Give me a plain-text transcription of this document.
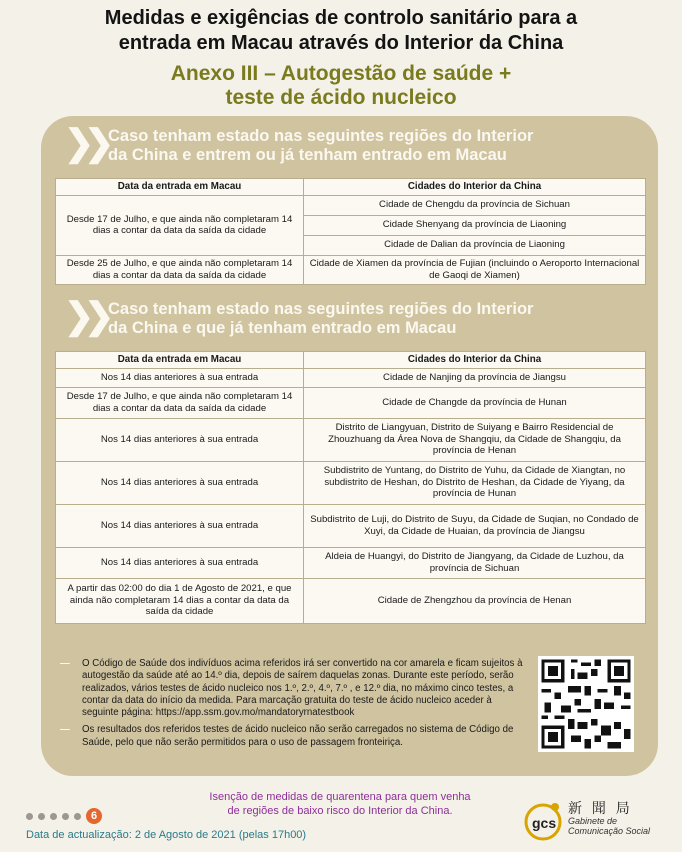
Medidas e exigências de controlo sanitário para a
entrada em Macau através do Interior da China
Anexo III – Autogestão de saúde +
teste de ácido nucleico
❯❯ Caso tenham estado nas seguintes regiões do Interior
da China e entrem ou já tenham entrado em Macau
Data da entrada em Macau	Cidades do Interior da China
Desde 17 de Julho, e que ainda não completaram 14 dias a contar da data da saída da cidade	Cidade de Chengdu da província de Sichuan
	Cidade Shenyang da província de Liaoning
	Cidade de Dalian da província de Liaoning
Desde 25 de Julho, e que ainda não completaram 14 dias a contar da data da saída da cidade	Cidade de Xiamen da província de Fujian (incluindo o Aeroporto Internacional de Gaoqi de Xiamen)
❯❯ Caso tenham estado nas seguintes regiões do Interior
da China e que já tenham entrado em Macau
Data da entrada em Macau	Cidades do Interior da China
Nos 14 dias anteriores à sua entrada	Cidade de Nanjing da província de Jiangsu
Desde 17 de Julho, e que ainda não completaram 14 dias a contar da data da saída da cidade	Cidade de Changde da província de Hunan
Nos 14 dias anteriores à sua entrada	Distrito de Liangyuan, Distrito de Suiyang e Bairro Residencial de Zhouzhuang da Área Nova de Shangqiu, da Cidade de Shangqiu, da província de Henan
Nos 14 dias anteriores à sua entrada	Subdistrito de Yuntang, do Distrito de Yuhu, da Cidade de Xiangtan, no subdistrito de Heshan, do Distrito de Heshan, da Cidade de Yiyang, da província de Hunan
Nos 14 dias anteriores à sua entrada	Subdistrito de Luji, do Distrito de Suyu, da Cidade de Suqian, no Condado de Xuyi, da Cidade de Huaian, da província de Jiangsu
Nos 14 dias anteriores à sua entrada	Aldeia de Huangyi, do Distrito de Jiangyang, da Cidade de Luzhou, da província de Sichuan
A partir das 02:00 do dia 1 de Agosto de 2021, e que ainda não completaram 14 dias a contar da data da saída da cidade	Cidade de Zhengzhou da província de Henan
—	O Código de Saúde dos indivíduos acima referidos irá ser convertido na cor amarela e ficam sujeitos à autogestão da saúde até ao 14.º dia, depois de saírem daquelas zonas. Durante este período, serão realizados, vários testes de ácido nucleico nos 1.º, 2.º, 4.º, 7.º , e 12.º dia, no máximo cinco testes, a contar da data do início da medida. Para marcação gratuita do teste de ácido nucleico aceder à seguinte página: https://app.ssm.gov.mo/mandatoryrnatestbook
—	Os resultados dos referidos testes de ácido nucleico não serão carregados no sistema de Código de Saúde, pelo que não serão permitidos para o uso de passagem fronteiriça.
Isenção de medidas de quarentena para quem venha
de regiões de baixo risco do Interior da China.
6
Data de actualização: 2 de Agosto de 2021 (pelas 17h00)
gcs
新 聞 局
Gabinete de
Comunicação Social
